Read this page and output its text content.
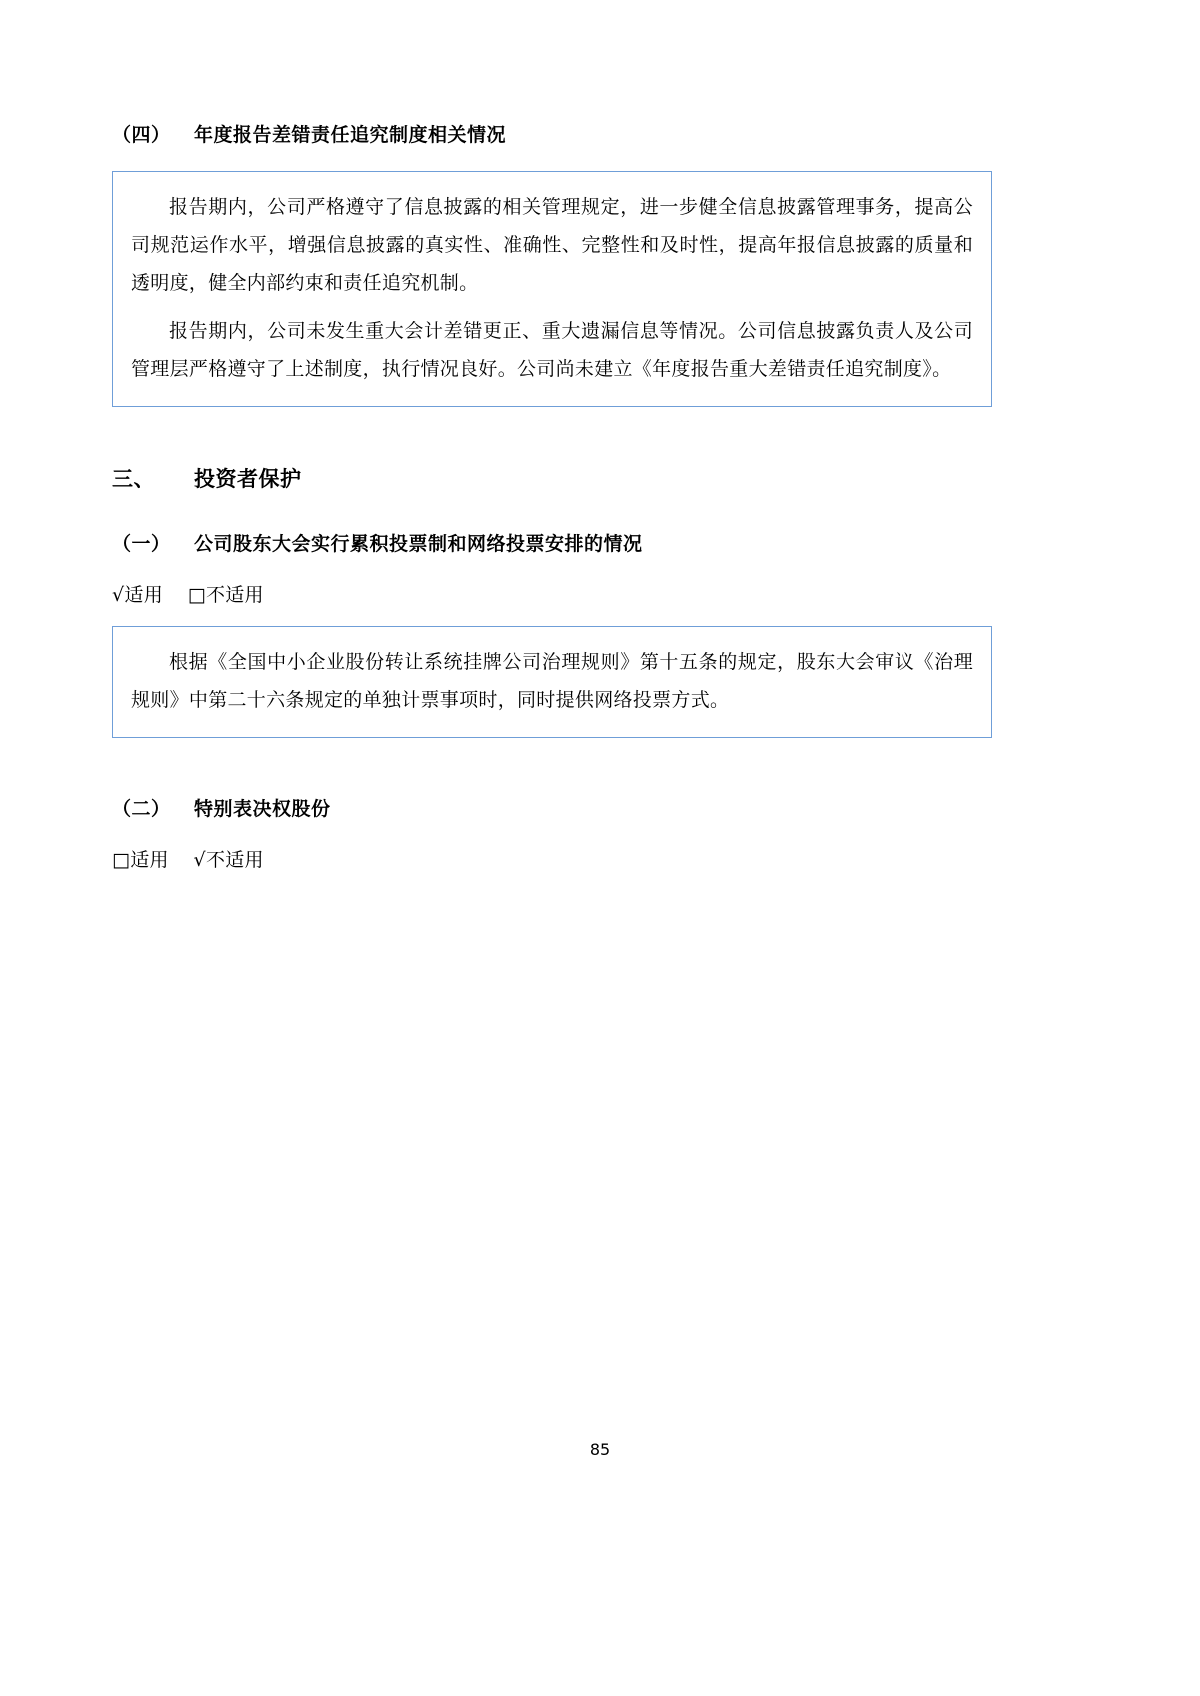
（四）	年度报告差错责任追究制度相关情况

报告期内，公司严格遵守了信息披露的相关管理规定，进一步健全信息披露管理事务，提高公司规范运作水平，增强信息披露的真实性、准确性、完整性和及时性，提高年报信息披露的质量和透明度，健全内部约束和责任追究机制。

报告期内，公司未发生重大会计差错更正、重大遗漏信息等情况。公司信息披露负责人及公司管理层严格遵守了上述制度，执行情况良好。公司尚未建立《年度报告重大差错责任追究制度》。

三、	投资者保护
（一）	公司股东大会实行累积投票制和网络投票安排的情况
√适用 □不适用

根据《全国中小企业股份转让系统挂牌公司治理规则》第十五条的规定，股东大会审议《治理规则》中第二十六条规定的单独计票事项时，同时提供网络投票方式。

（二）	特别表决权股份
□适用 √不适用
85
